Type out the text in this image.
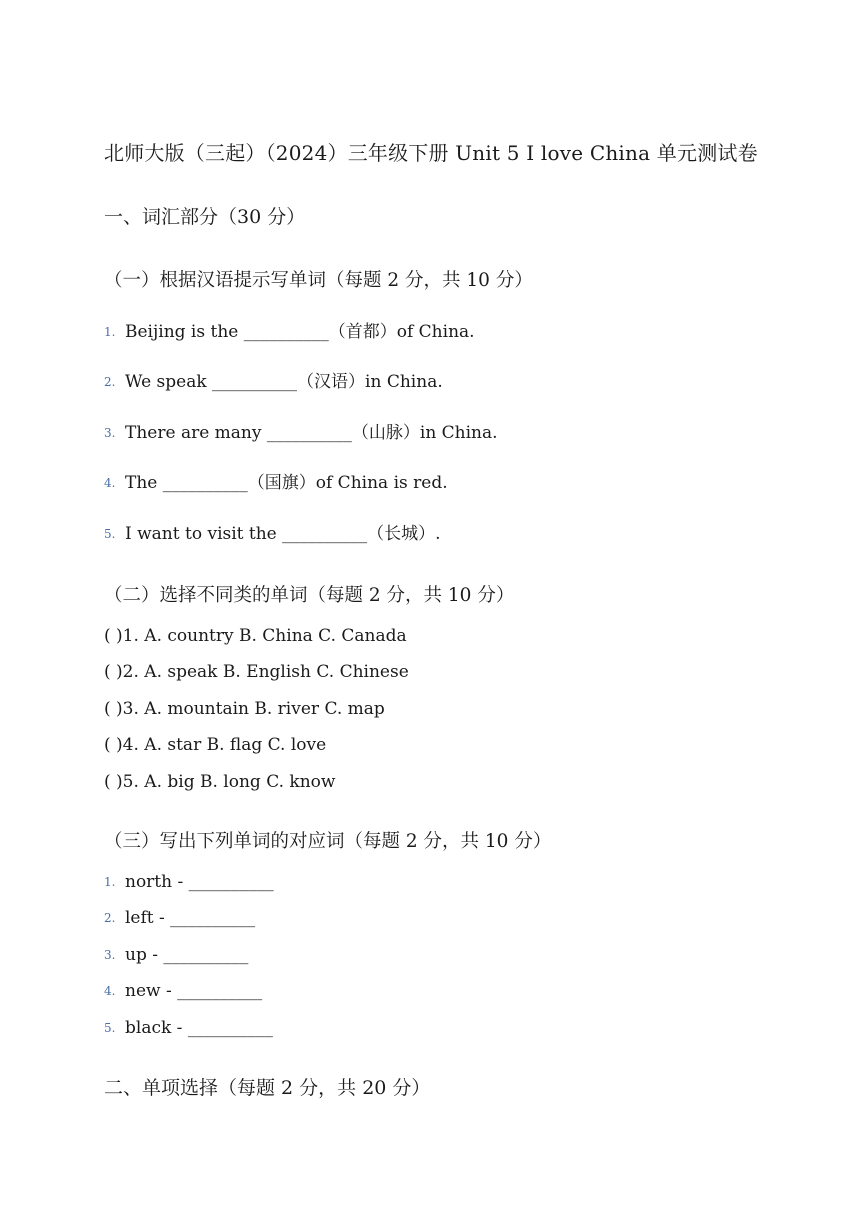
北师大版（三起）（2024）三年级下册 Unit 5 I love China 单元测试卷
一、词汇部分（30 分）
（一）根据汉语提示写单词（每题 2 分，共 10 分）
1. Beijing is the __________（首都）of China.
2. We speak __________（汉语）in China.
3. There are many __________（山脉）in China.
4. The __________（国旗）of China is red.
5. I want to visit the __________（长城）.
（二）选择不同类的单词（每题 2 分，共 10 分）
( )1. A. country B. China C. Canada
( )2. A. speak B. English C. Chinese
( )3. A. mountain B. river C. map
( )4. A. star B. flag C. love
( )5. A. big B. long C. know
（三）写出下列单词的对应词（每题 2 分，共 10 分）
1. north - __________
2. left - __________
3. up - __________
4. new - __________
5. black - __________
二、单项选择（每题 2 分，共 20 分）
